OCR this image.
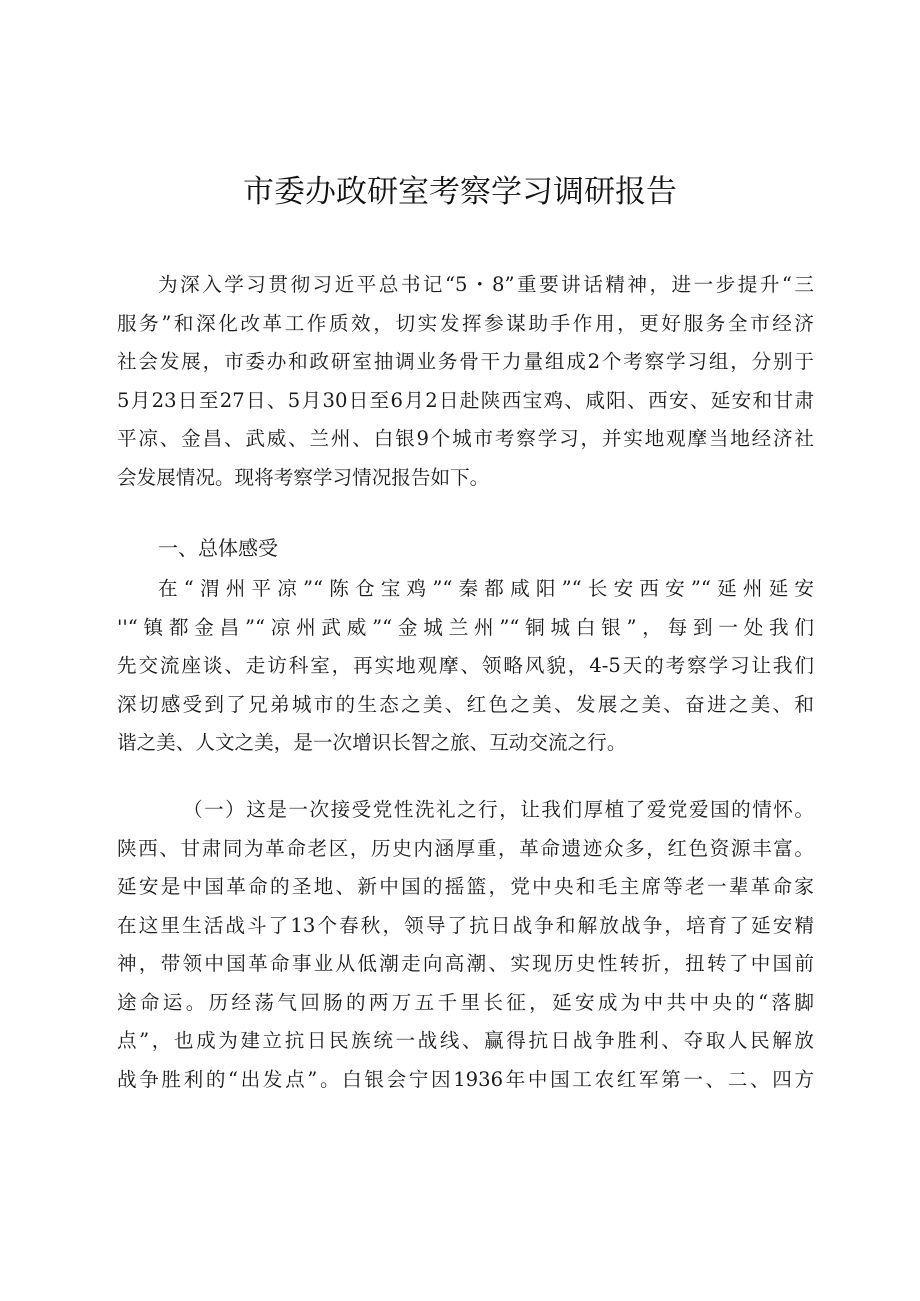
市委办政研室考察学习调研报告
为深入学习贯彻习近平总书记“5・8”重要讲话精神，进一步提升“三
服务”和深化改革工作质效，切实发挥参谋助手作用，更好服务全市经济
社会发展，市委办和政研室抽调业务骨干力量组成2个考察学习组，分别于
5月23日至27日、5月30日至6月2日赴陕西宝鸡、咸阳、西安、延安和甘肃
平凉、金昌、武威、兰州、白银9个城市考察学习，并实地观摩当地经济社
会发展情况。现将考察学习情况报告如下。
一、总体感受
在“渭州平凉”“陈仓宝鸡”“秦都咸阳”“长安西安”“延州延安
''“镇都金昌”“凉州武威”“金城兰州”“铜城白银”，每到一处我们
先交流座谈、走访科室，再实地观摩、领略风貌，4-5天的考察学习让我们
深切感受到了兄弟城市的生态之美、红色之美、发展之美、奋进之美、和
谐之美、人文之美，是一次增识长智之旅、互动交流之行。
（一）这是一次接受党性洗礼之行，让我们厚植了爱党爱国的情怀。
陕西、甘肃同为革命老区，历史内涵厚重，革命遗迹众多，红色资源丰富。
延安是中国革命的圣地、新中国的摇篮，党中央和毛主席等老一辈革命家
在这里生活战斗了13个春秋，领导了抗日战争和解放战争，培育了延安精
神，带领中国革命事业从低潮走向高潮、实现历史性转折，扭转了中国前
途命运。历经荡气回肠的两万五千里长征，延安成为中共中央的“落脚
点”，也成为建立抗日民族统一战线、赢得抗日战争胜利、夺取人民解放
战争胜利的“出发点”。白银会宁因1936年中国工农红军第一、二、四方
